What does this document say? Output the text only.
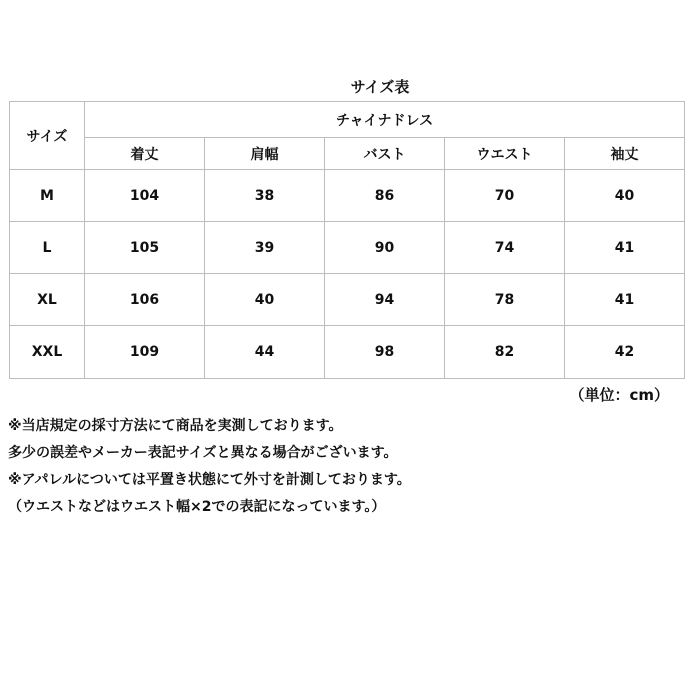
サイズ表
サイズ	チャイナドレス				
	着丈	肩幅	バスト	ウエスト	袖丈
M	104	38	86	70	40
L	105	39	90	74	41
XL	106	40	94	78	41
XXL	109	44	98	82	42
（単位：cm）
※当店規定の採寸方法にて商品を実測しております。
多少の誤差やメーカー表記サイズと異なる場合がございます。
※アパレルについては平置き状態にて外寸を計測しております。
（ウエストなどはウエスト幅×2での表記になっています。）
